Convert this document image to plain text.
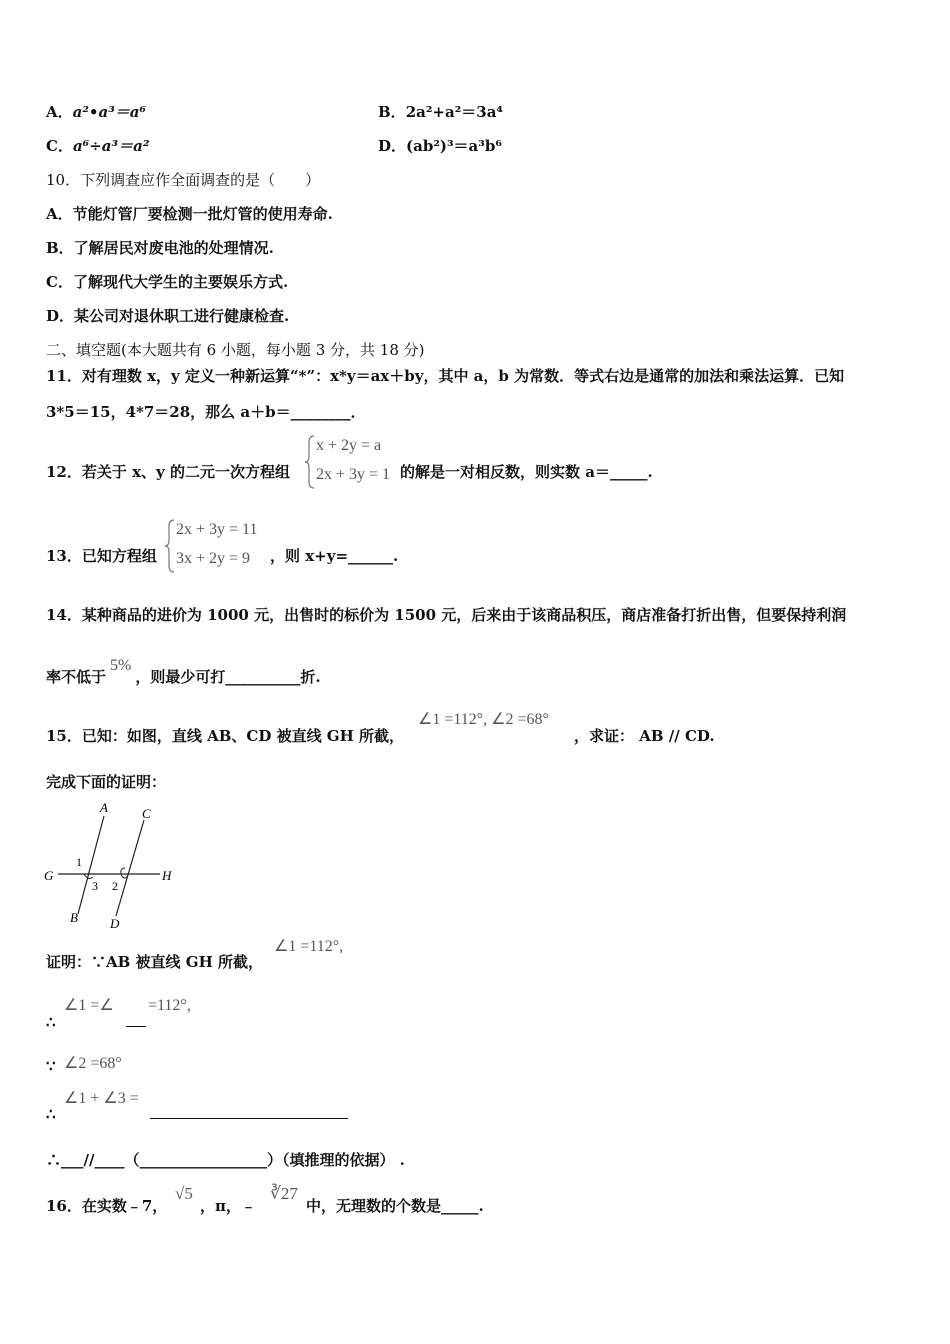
A．a²•a³＝a⁶	B．2a²+a²＝3a⁴
C．a⁶÷a³＝a²	D．(ab²)³＝a³b⁶
10．下列调查应作全面调查的是（　　）
A．节能灯管厂要检测一批灯管的使用寿命.
B．了解居民对废电池的处理情况.
C．了解现代大学生的主要娱乐方式.
D．某公司对退休职工进行健康检查.
二、填空题(本大题共有 6 小题，每小题 3 分，共 18 分)
11．对有理数 x，y 定义一种新运算“*”：x*y＝ax＋by，其中 a，b 为常数．等式右边是通常的加法和乘法运算．已知
3*5＝15，4*7＝28，那么 a＋b＝________．
12．若关于 x、y 的二元一次方程组
x + 2y = a
2x + 3y = 1 的解是一对相反数，则实数 a＝_____.
13．已知方程组
2x + 3y = 11
3x + 2y = 9 ，则 x+y=______.
14．某种商品的进价为 1000 元，出售时的标价为 1500 元，后来由于该商品积压，商店准备打折出售，但要保持利润
率不低于5%，则最少可打__________折.
15．已知：如图，直线 AB、CD 被直线 GH 所截，
∠1 =112°, ∠2 =68°
，求证： AB // CD.
完成下面的证明：
A
B
C
D
G	H
1
3 2
证明：∵AB 被直线 GH 所截，
∠1 =112°,
∴
∠1 =∠ =112°,
∵ ∠2 =68°
∴
∠1 + ∠3 =
∴___//____（_________________）（填推理的依据） .
16．在实数﹣7，
√5
，π，﹣
∛27
中，无理数的个数是_____.
